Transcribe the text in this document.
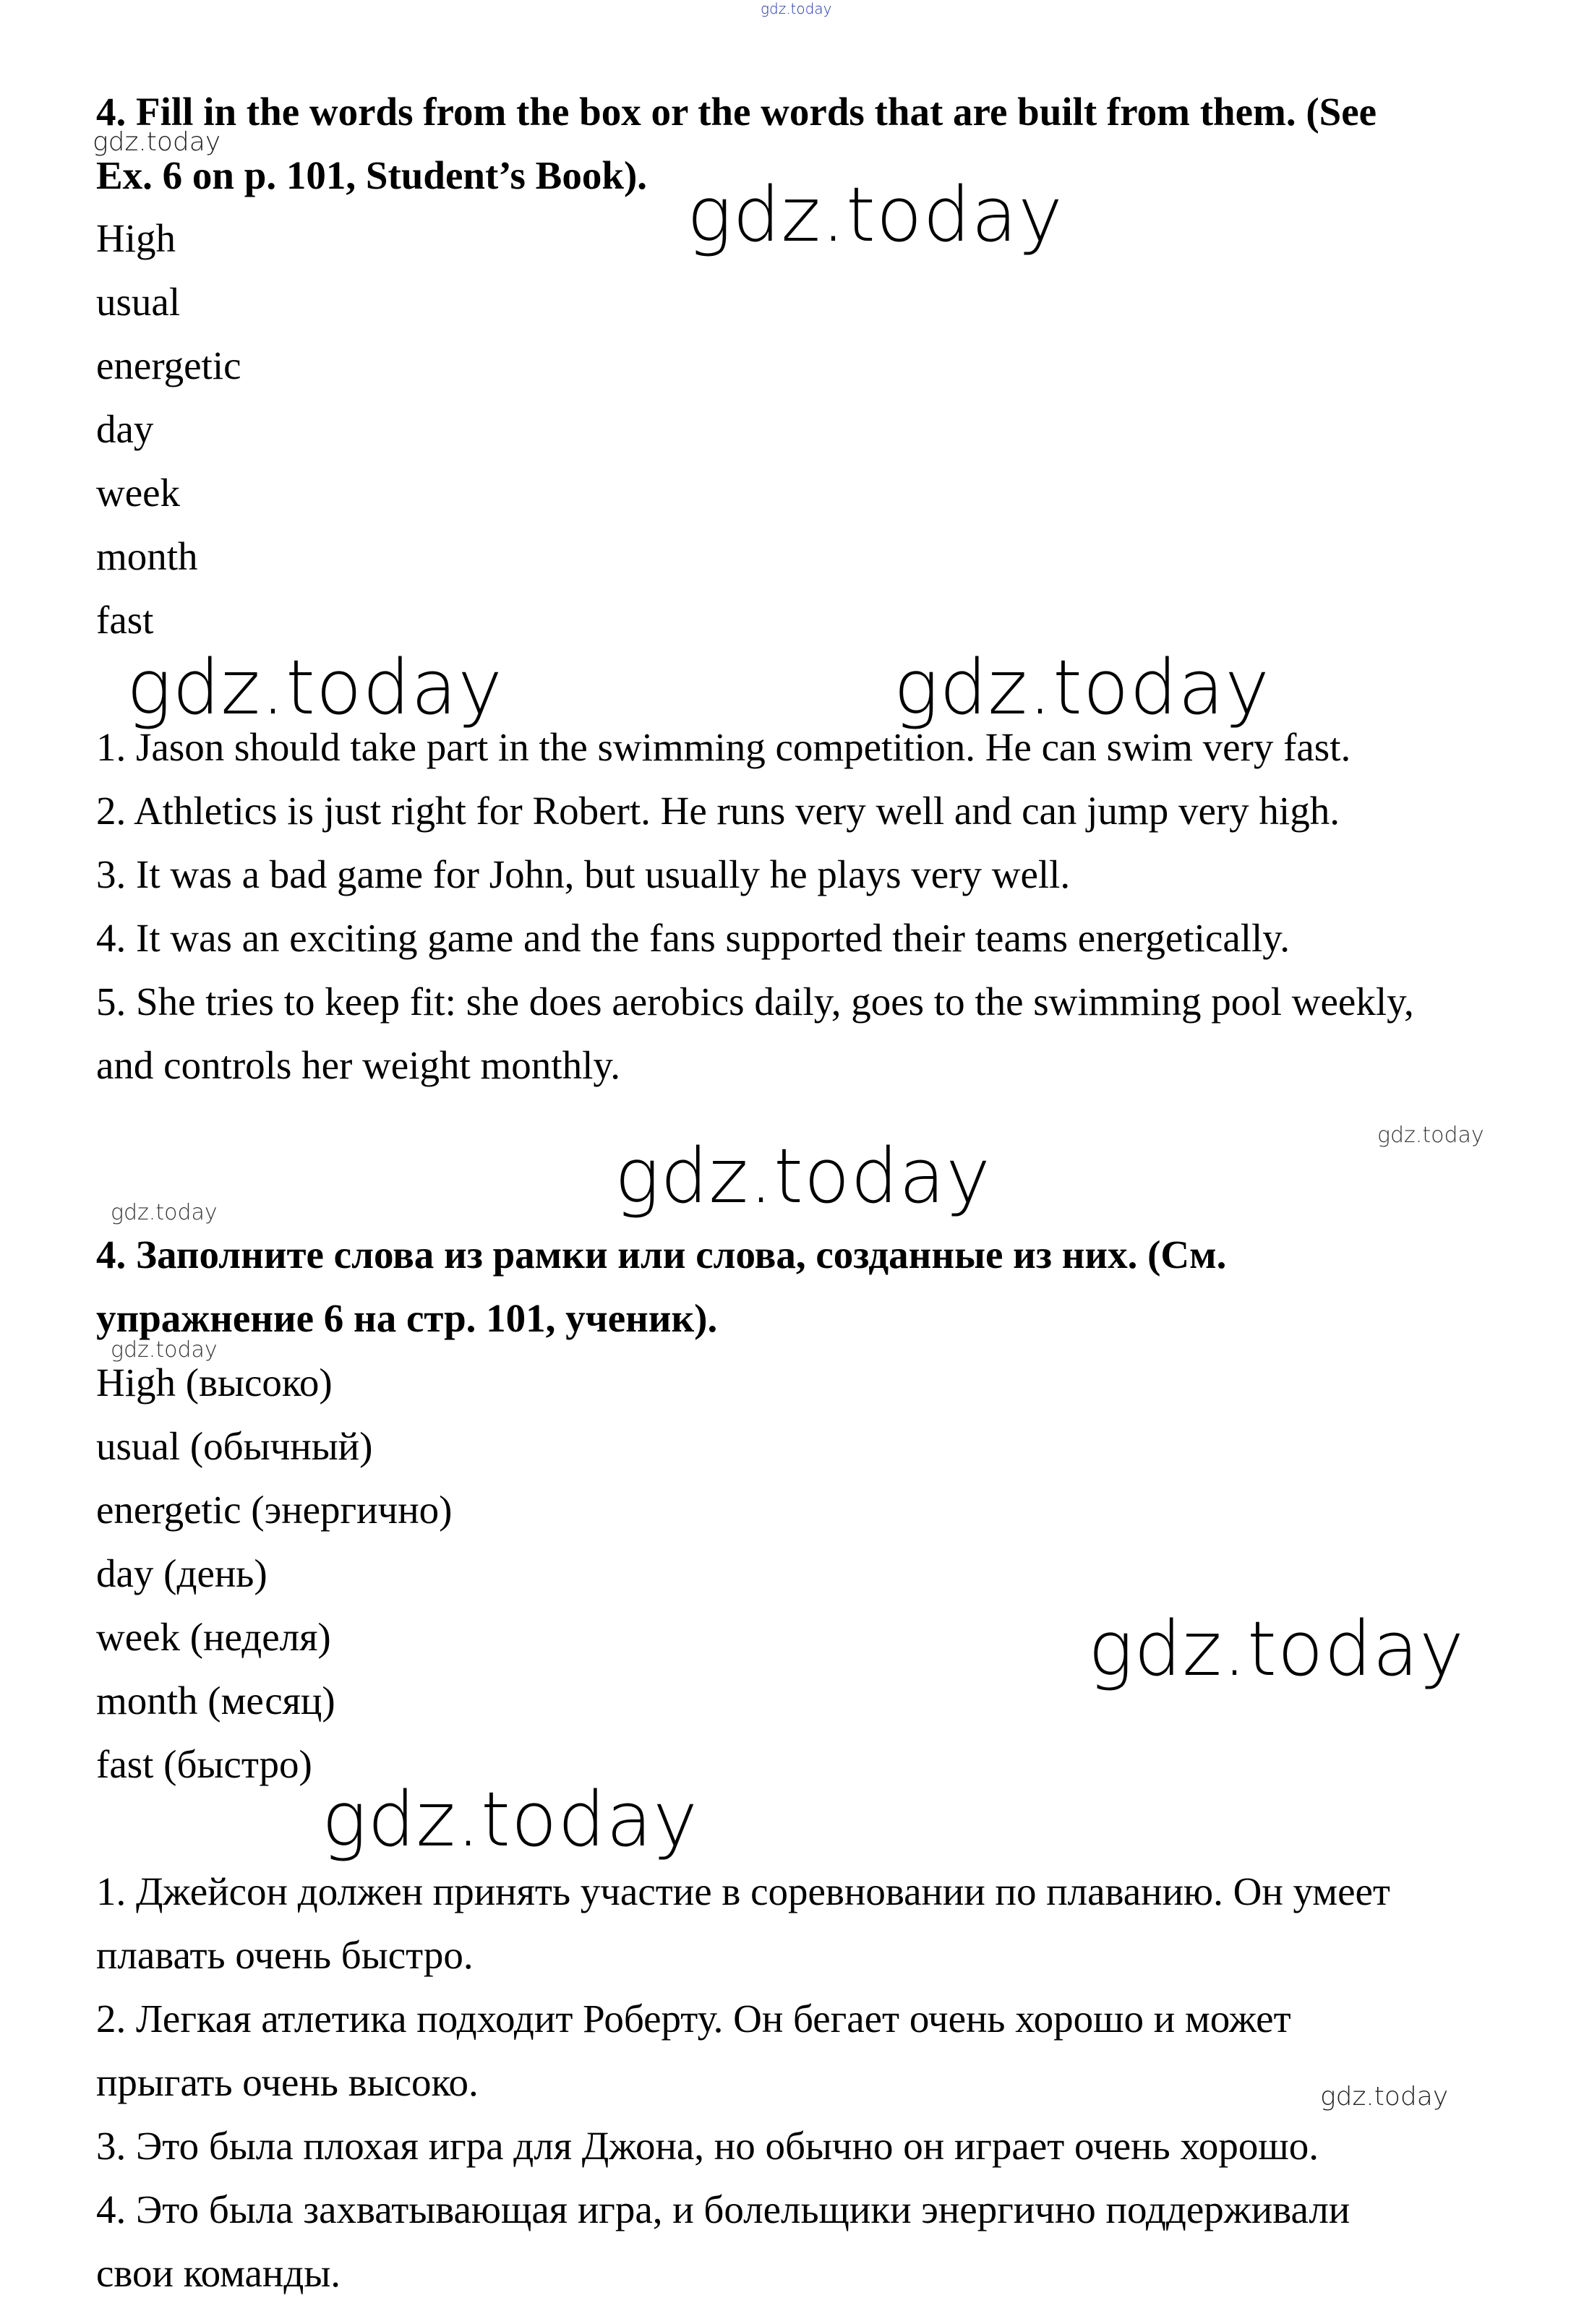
gdz.today
4. Fill in the words from the box or the words that are built from them. (See
Ex. 6 on p. 101, Student’s Book).
High
usual
energetic
day
week
month
fast
1. Jason should take part in the swimming competition. He can swim very fast.
2. Athletics is just right for Robert. He runs very well and can jump very high.
3. It was a bad game for John, but usually he plays very well.
4. It was an exciting game and the fans supported their teams energetically.
5. She tries to keep fit: she does aerobics daily, goes to the swimming pool weekly,
and controls her weight monthly.
4. Заполните слова из рамки или слова, созданные из них. (См.
упражнение 6 на стр. 101, ученик).
High (высоко)
usual (обычный)
energetic (энергично)
day (день)
week (неделя)
month (месяц)
fast (быстро)
1. Джейсон должен принять участие в соревновании по плаванию. Он умеет
плавать очень быстро.
2. Легкая атлетика подходит Роберту. Он бегает очень хорошо и может
прыгать очень высоко.
3. Это была плохая игра для Джона, но обычно он играет очень хорошо.
4. Это была захватывающая игра, и болельщики энергично поддерживали
свои команды.
gdz.today
gdz.today
gdz.today	gdz.today
gdz.today
gdz.today
gdz.today
gdz.today
gdz.today
gdz.today
gdz.today
